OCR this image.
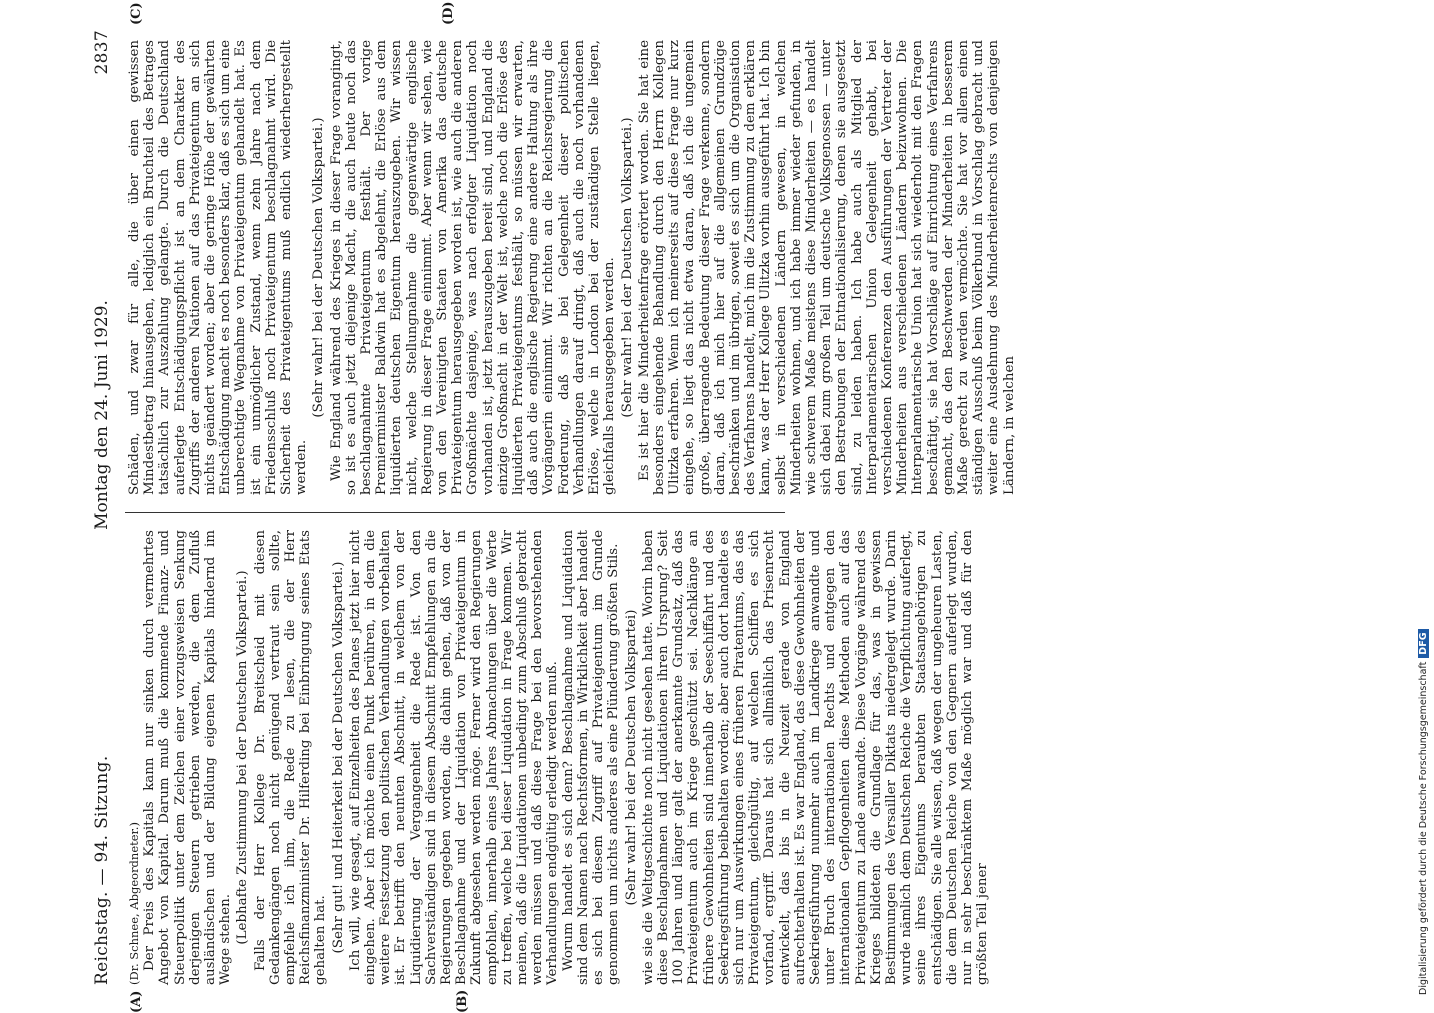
Reichstag. — 94. Sitzung.
Montag den 24. Juni 1929.
2837
(A)	(B)
(C)	(D)

(Dr. Schnee, Abgeordneter.) Der Preis des Kapitals kann nur sinken durch vermehrtes Angebot von Kapital. Darum muß die kommende Finanz- und Steuerpolitik unter dem Zeichen einer vorzugsweisen Senkung derjenigen Steuern getrieben werden, die dem Zufluß ausländischen und der Bildung eigenen Kapitals hindernd im Wege stehen. (Lebhafte Zustimmung bei der Deutschen Volkspartei.) Falls der Herr Kollege Dr. Breitscheid mit diesen Gedankengängen noch nicht genügend vertraut sein sollte, empfehle ich ihm, die Rede zu lesen, die der Herr Reichsfinanzminister Dr. Hilferding bei Einbringung seines Etats gehalten hat. (Sehr gut! und Heiterkeit bei der Deutschen Volkspartei.) Ich will, wie gesagt, auf Einzelheiten des Planes jetzt hier nicht eingehen. Aber ich möchte einen Punkt berühren, in dem die weitere Festsetzung den politischen Verhandlungen vorbehalten ist. Er betrifft den neunten Abschnitt, in welchem von der Liquidierung der Vergangenheit die Rede ist. Von den Sachverständigen sind in diesem Abschnitt Empfehlungen an die Regierungen gegeben worden, die dahin gehen, daß von der Beschlagnahme und der Liquidation von Privateigentum in Zukunft abgesehen werden möge. Ferner wird den Regierungen empfohlen, innerhalb eines Jahres Abmachungen über die Werte zu treffen, welche bei dieser Liquidation in Frage kommen. Wir meinen, daß die Liquidationen unbedingt zum Abschluß gebracht werden müssen und daß diese Frage bei den bevorstehenden Verhandlungen endgültig erledigt werden muß. Worum handelt es sich denn? Beschlagnahme und Liquidation sind dem Namen nach Rechtsformen, in Wirklichkeit aber handelt es sich bei diesem Zugriff auf Privateigentum im Grunde genommen um nichts anderes als eine Plünderung größten Stils. (Sehr wahr! bei der Deutschen Volkspartei) wie sie die Weltgeschichte noch nicht gesehen hatte. Worin haben diese Beschlagnahmen und Liquidationen ihren Ursprung? Seit 100 Jahren und länger galt der anerkannte Grundsatz, daß das Privateigentum auch im Kriege geschützt sei. Nachklänge an frühere Gewohnheiten sind innerhalb der Seeschiffahrt und des Seekriegsführung beibehalten worden; aber auch dort handelte es sich nur um Auswirkungen eines früheren Piratentums, das das Privateigentum, gleichgültig, auf welchen Schiffen es sich vorfand, ergriff. Daraus hat sich allmählich das Prisenrecht entwickelt, das bis in die Neuzeit gerade von England aufrechterhalten ist. Es war England, das diese Gewohnheiten der Seekriegsführung nunmehr auch im Landkriege anwandte und unter Bruch des internationalen Rechts und entgegen den internationalen Gepflogenheiten diese Methoden auch auf das Privateigentum zu Lande anwandte. Diese Vorgänge während des Krieges bildeten die Grundlage für das, was in gewissen Bestimmungen des Versailler Diktats niedergelegt wurde. Darin wurde nämlich dem Deutschen Reiche die Verpflichtung auferlegt, seine ihres Eigentums beraubten Staatsangehörigen zu entschädigen. Sie alle wissen, daß wegen der ungeheuren Lasten, die dem Deutschen Reiche von den Gegnern auferlegt wurden, nur in sehr beschränktem Maße möglich war und daß für den größten Teil jener

Schäden, und zwar für alle, die über einen gewissen Mindestbetrag hinausgehen, lediglich ein Bruchteil des Betrages tatsächlich zur Auszahlung gelangte. Durch die Deutschland auferlegte Entschädigungspflicht ist an dem Charakter des Zugriffs der anderen Nationen auf das Privateigentum an sich nichts geändert worden; aber die geringe Höhe der gewährten Entschädigung macht es noch besonders klar, daß es sich um eine unberechtigte Wegnahme von Privateigentum gehandelt hat. Es ist ein unmöglicher Zustand, wenn zehn Jahre nach dem Friedensschluß noch Privateigentum beschlagnahmt wird. Die Sicherheit des Privateigentums muß endlich wiederhergestellt werden.

(Sehr wahr! bei der Deutschen Volkspartei.) Wie England während des Krieges in dieser Frage vorangingt, so ist es auch jetzt diejenige Macht, die auch heute noch das beschlagnahmte Privateigentum festhält. Der vorige Premierminister Baldwin hat es abgelehnt, die Erlöse aus dem liquidierten deutschen Eigentum herauszugeben. Wir wissen nicht, welche Stellungnahme die gegenwärtige englische Regierung in dieser Frage einnimmt. Aber wenn wir sehen, wie von den Vereinigten Staaten von Amerika das deutsche Privateigentum herausgegeben worden ist, wie auch die anderen Großmächte dasjenige, was nach erfolgter Liquidation noch vorhanden ist, jetzt herauszugeben bereit sind, und England die einzige Großmacht in der Welt ist, welche noch die Erlöse des liquidierten Privateigentums festhält, so müssen wir erwarten, daß auch die englische Regierung eine andere Haltung als ihre Vorgängerin einnimmt. Wir richten an die Reichsregierung die Forderung, daß sie bei Gelegenheit dieser politischen Verhandlungen darauf dringt, daß auch die noch vorhandenen Erlöse, welche in London bei der zuständigen Stelle liegen, gleichfalls herausgegeben werden. (Sehr wahr! bei der Deutschen Volkspartei.) Es ist hier die Minderheitenfrage erörtert worden. Sie hat eine besonders eingehende Behandlung durch den Herrn Kollegen Ulitzka erfahren. Wenn ich meinerseits auf diese Frage nur kurz eingehe, so liegt das nicht etwa daran, daß ich die ungemein große, überragende Bedeutung dieser Frage verkenne, sondern daran, daß ich mich hier auf die allgemeinen Grundzüge beschränken und im übrigen, soweit es sich um die Organisation des Verfahrens handelt, mich im die Zustimmung zu dem erklären kann, was der Herr Kollege Ulitzka vorhin ausgeführt hat. Ich bin selbst in verschiedenen Ländern gewesen, in welchen Minderheiten wohnen, und ich habe immer wieder gefunden, in wie schwerem Maße meistens diese Minderheiten — es handelt sich dabei zum großen Teil um deutsche Volksgenossen — unter den Bestrebungen der Entnationalisierung, denen sie ausgesetzt sind, zu leiden haben. Ich habe auch als Mitglied der Interparlamentarischen Union Gelegenheit gehabt, bei verschiedenen Konferenzen den Ausführungen der Vertreter der Minderheiten aus verschiedenen Ländern beizuwohnen. Die Interparlamentarische Union hat sich wiederholt mit den Fragen beschäftigt, sie hat Vorschläge auf Einrichtung eines Verfahrens gemacht, das den Beschwerden der Minderheiten in besserem Maße gerecht zu werden vermöchte. Sie hat vor allem einen ständigen Ausschuß beim Völkerbund in Vorschlag gebracht und weiter eine Ausdehnung des Minderheitenrechts von denjenigen Ländern, in welchen

Digitalisierung gefördert durch die Deutsche ForschungsgemeinschaftDFG
